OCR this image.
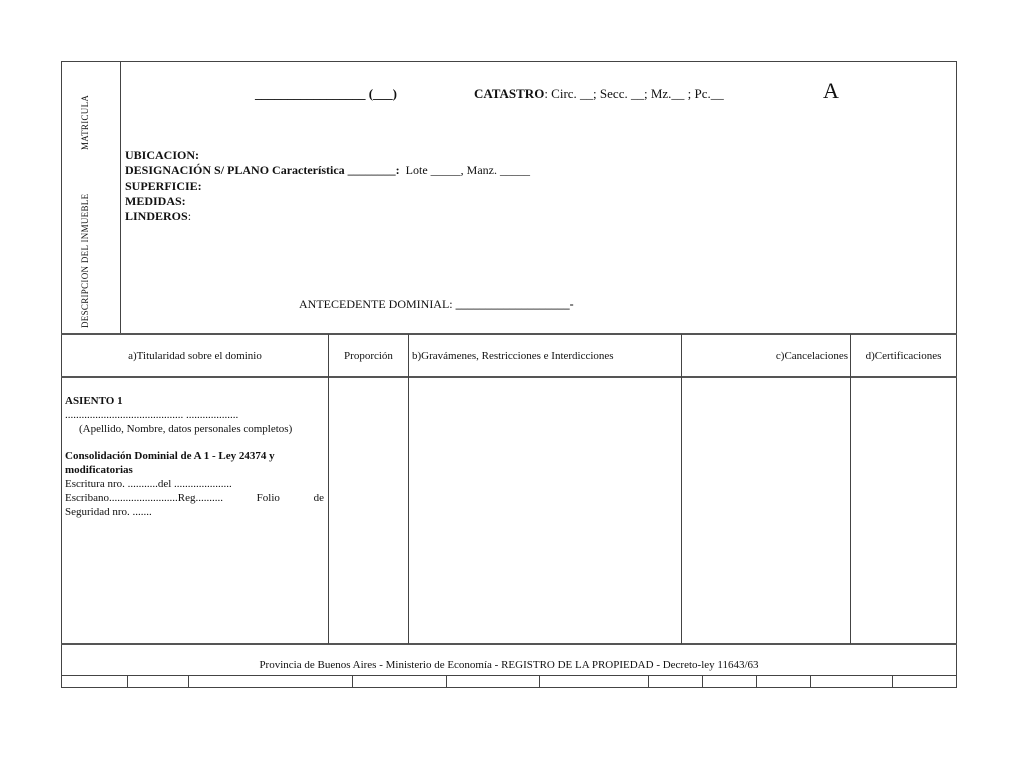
MATRICULA
DESCRIPCION DEL INMUEBLE
_________________ (___)	CATASTRO: Circ. __; Secc. __; Mz.__ ; Pc.__	A
UBICACION:
DESIGNACIÓN S/ PLANO Característica ________: Lote _____, Manz. _____
SUPERFICIE:
MEDIDAS:
LINDEROS:
ANTECEDENTE DOMINIAL: ___________________-
a)Titularidad sobre el dominio	Proporción	b)Gravámenes, Restricciones e Interdicciones	c)Cancelaciones	d)Certificaciones
ASIENTO 1
........................................... ...................
(Apellido, Nombre, datos personales completos)
Consolidación Dominial de A 1 - Ley 24374 y
modificatorias
Escritura nro. ...........del .....................
Escribano.........................Reg..........	Folio	de
Seguridad nro. .......
Provincia de Buenos Aires - Ministerio de Economía - REGISTRO DE LA PROPIEDAD - Decreto-ley 11643/63
